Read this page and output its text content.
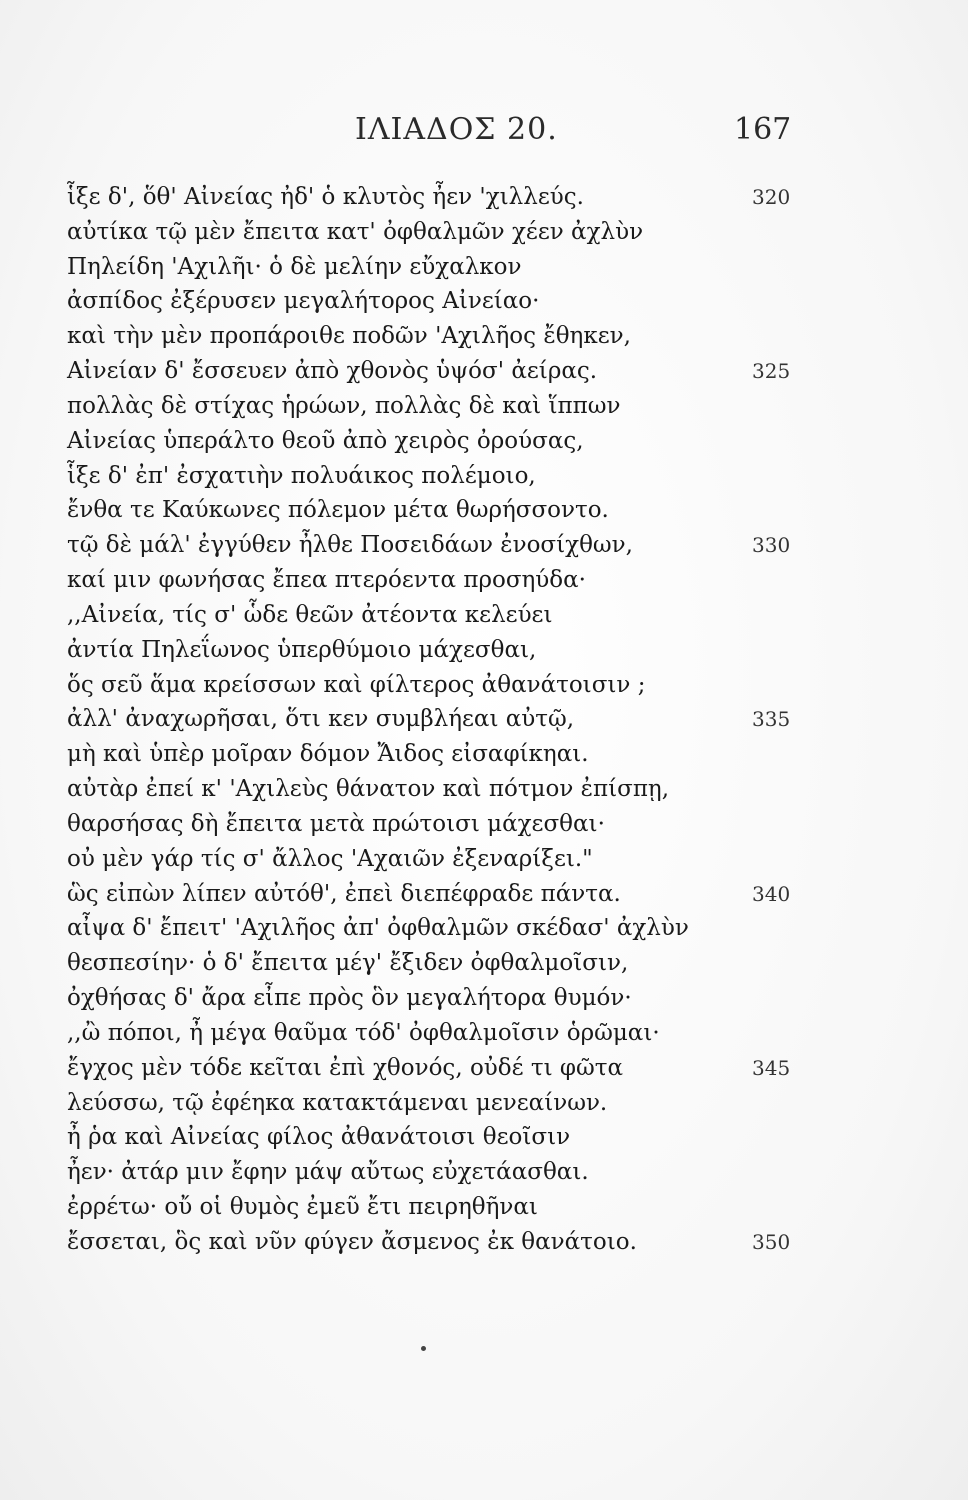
ΙΛΙΑΔΟΣ 20.	167
ἷξε δ', ὅθ' Αἰνείας ἠδ' ὁ κλυτὸς ἦεν 'χιλλεύς.	320
αὐτίκα τῷ μὲν ἔπειτα κατ' ὀφθαλμῶν χέεν ἀχλὺν
Πηλείδη 'Αχιλῆι· ὁ δὲ μελίην εὔχαλκον
ἀσπίδος ἐξέρυσεν μεγαλήτορος Αἰνείαο·
καὶ τὴν μὲν προπάροιθε ποδῶν 'Αχιλῆος ἔθηκεν,
Αἰνείαν δ' ἔσσευεν ἀπὸ χθονὸς ὑψόσ' ἀείρας.	325
πολλὰς δὲ στίχας ἡρώων, πολλὰς δὲ καὶ ἵππων
Αἰνείας ὑπεράλτο θεοῦ ἀπὸ χειρὸς ὀρούσας,
ἷξε δ' ἐπ' ἐσχατιὴν πολυάικος πολέμοιο,
ἔνθα τε Καύκωνες πόλεμον μέτα θωρήσσοντο.
τῷ δὲ μάλ' ἐγγύθεν ἦλθε Ποσειδάων ἐνοσίχθων,	330
καί μιν φωνήσας ἔπεα πτερόεντα προσηύδα·
,,Αἰνεία, τίς σ' ὧδε θεῶν ἀτέοντα κελεύει
ἀντία Πηλεΐωνος ὑπερθύμοιο μάχεσθαι,
ὅς σεῦ ἅμα κρείσσων καὶ φίλτερος ἀθανάτοισιν ;
ἀλλ' ἀναχωρῆσαι, ὅτι κεν συμβλήεαι αὐτῷ,	335
μὴ καὶ ὑπὲρ μοῖραν δόμον Ἄιδος εἰσαφίκηαι.
αὐτὰρ ἐπεί κ' 'Αχιλεὺς θάνατον καὶ πότμον ἐπίσπῃ,
θαρσήσας δὴ ἔπειτα μετὰ πρώτοισι μάχεσθαι·
οὐ μὲν γάρ τίς σ' ἄλλος 'Αχαιῶν ἐξεναρίξει."
ὣς εἰπὼν λίπεν αὐτόθ', ἐπεὶ διεπέφραδε πάντα.	340
αἶψα δ' ἔπειτ' 'Αχιλῆος ἀπ' ὀφθαλμῶν σκέδασ' ἀχλὺν
θεσπεσίην· ὁ δ' ἔπειτα μέγ' ἔξιδεν ὀφθαλμοῖσιν,
ὀχθήσας δ' ἄρα εἶπε πρὸς ὃν μεγαλήτορα θυμόν·
,,ὢ πόποι, ἦ μέγα θαῦμα τόδ' ὀφθαλμοῖσιν ὁρῶμαι·
ἔγχος μὲν τόδε κεῖται ἐπὶ χθονός, οὐδέ τι φῶτα	345
λεύσσω, τῷ ἐφέηκα κατακτάμεναι μενεαίνων.
ἦ ῥα καὶ Αἰνείας φίλος ἀθανάτοισι θεοῖσιν
ἦεν· ἀτάρ μιν ἔφην μάψ αὔτως εὐχετάασθαι.
ἐρρέτω· οὔ οἱ θυμὸς ἐμεῦ ἔτι πειρηθῆναι
ἔσσεται, ὃς καὶ νῦν φύγεν ἄσμενος ἐκ θανάτοιο.	350
